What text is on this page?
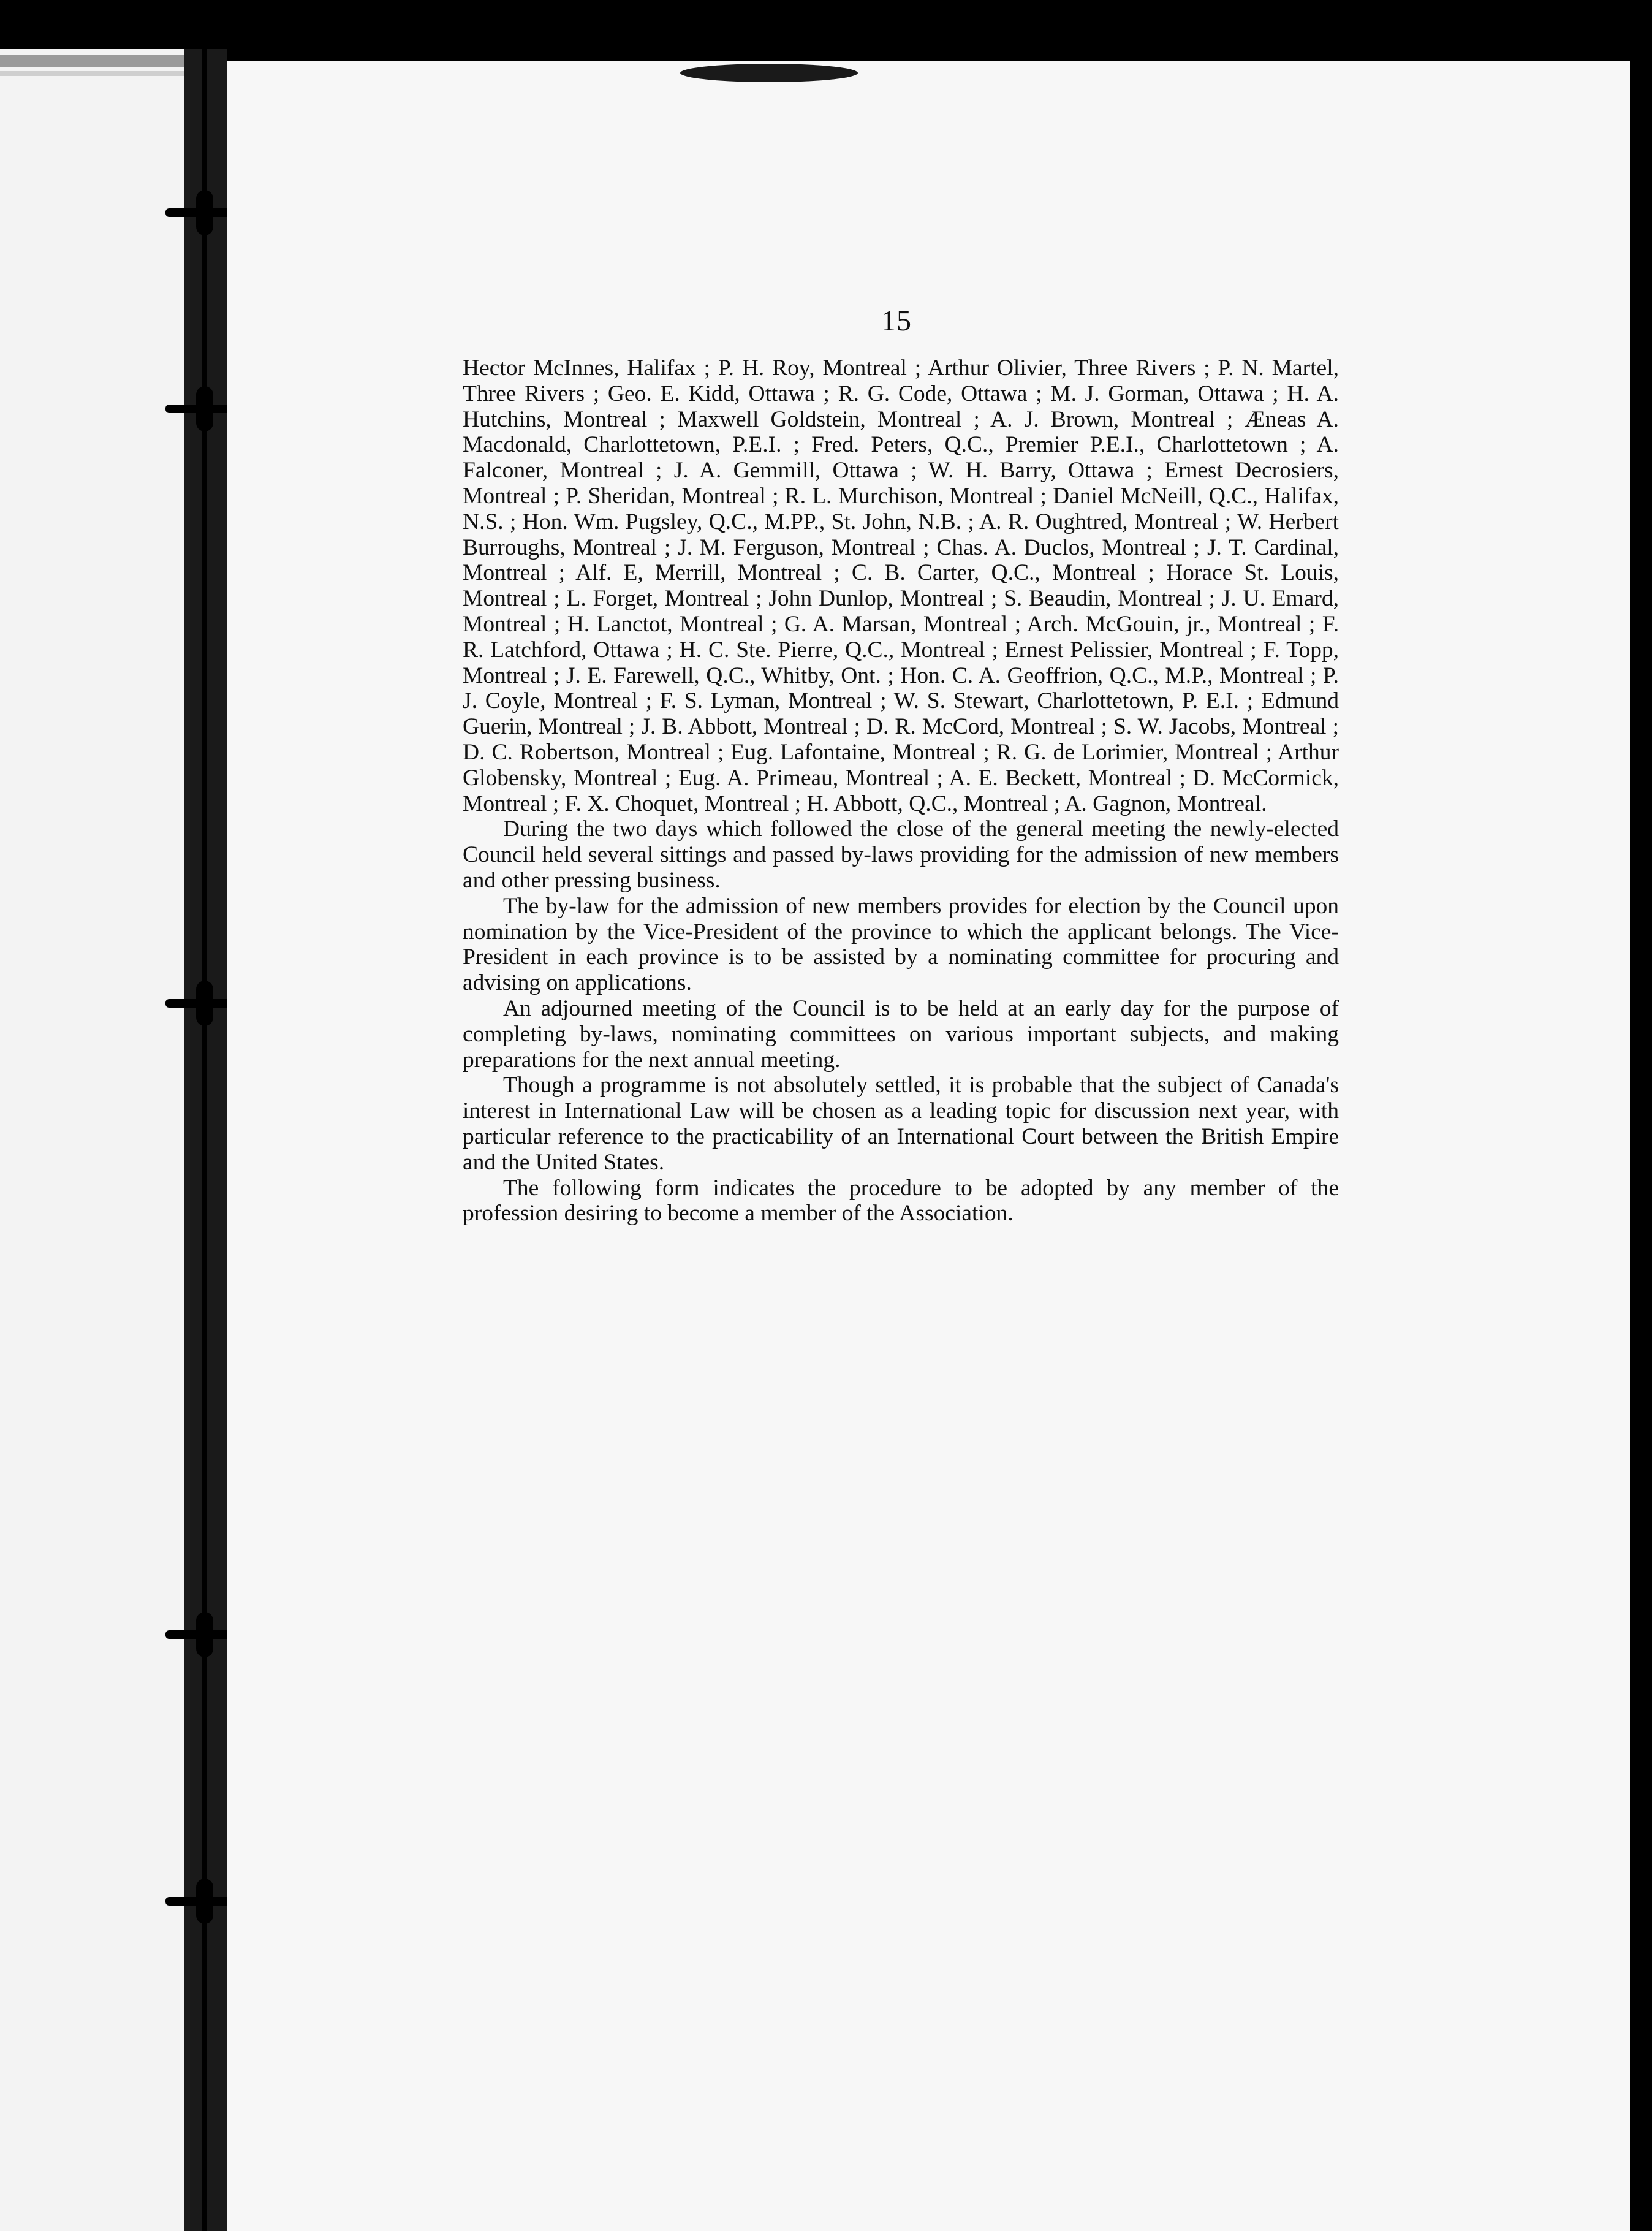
15

Hector McInnes, Halifax ; P. H. Roy, Montreal ; Arthur Olivier, Three Rivers ; P. N. Martel, Three Rivers ; Geo. E. Kidd, Ottawa ; R. G. Code, Ottawa ; M. J. Gorman, Ottawa ; H. A. Hutchins, Montreal ; Maxwell Goldstein, Montreal ; A. J. Brown, Montreal ; Æneas A. Macdonald, Charlottetown, P.E.I. ; Fred. Peters, Q.C., Premier P.E.I., Charlottetown ; A. Falconer, Montreal ; J. A. Gemmill, Ottawa ; W. H. Barry, Ottawa ; Ernest Decrosiers, Montreal ; P. Sheridan, Montreal ; R. L. Murchison, Montreal ; Daniel McNeill, Q.C., Halifax, N.S. ; Hon. Wm. Pugsley, Q.C., M.PP., St. John, N.B. ; A. R. Oughtred, Montreal ; W. Herbert Burroughs, Montreal ; J. M. Ferguson, Montreal ; Chas. A. Duclos, Montreal ; J. T. Cardinal, Montreal ; Alf. E, Merrill, Montreal ; C. B. Carter, Q.C., Montreal ; Horace St. Louis, Montreal ; L. Forget, Montreal ; John Dunlop, Montreal ; S. Beaudin, Montreal ; J. U. Emard, Montreal ; H. Lanctot, Montreal ; G. A. Marsan, Montreal ; Arch. McGouin, jr., Montreal ; F. R. Latchford, Ottawa ; H. C. Ste. Pierre, Q.C., Montreal ; Ernest Pelissier, Montreal ; F. Topp, Montreal ; J. E. Farewell, Q.C., Whitby, Ont. ; Hon. C. A. Geoffrion, Q.C., M.P., Montreal ; P. J. Coyle, Montreal ; F. S. Lyman, Montreal ; W. S. Stewart, Charlottetown, P. E.I. ; Edmund Guerin, Montreal ; J. B. Abbott, Montreal ; D. R. McCord, Montreal ; S. W. Jacobs, Montreal ; D. C. Robertson, Montreal ; Eug. Lafontaine, Montreal ; R. G. de Lorimier, Montreal ; Arthur Globensky, Montreal ; Eug. A. Primeau, Montreal ; A. E. Beckett, Montreal ; D. McCormick, Montreal ; F. X. Choquet, Montreal ; H. Abbott, Q.C., Montreal ; A. Gagnon, Montreal.

During the two days which followed the close of the general meeting the newly-elected Council held several sittings and passed by-laws providing for the admission of new members and other pressing business.

The by-law for the admission of new members provides for election by the Council upon nomination by the Vice-President of the province to which the applicant belongs. The Vice-President in each province is to be assisted by a nominating committee for procuring and advising on applications.

An adjourned meeting of the Council is to be held at an early day for the purpose of completing by-laws, nominating committees on various important subjects, and making preparations for the next annual meeting.

Though a programme is not absolutely settled, it is probable that the subject of Canada's interest in International Law will be chosen as a leading topic for discussion next year, with particular reference to the practicability of an International Court between the British Empire and the United States.

The following form indicates the procedure to be adopted by any member of the profession desiring to become a member of the Association.
